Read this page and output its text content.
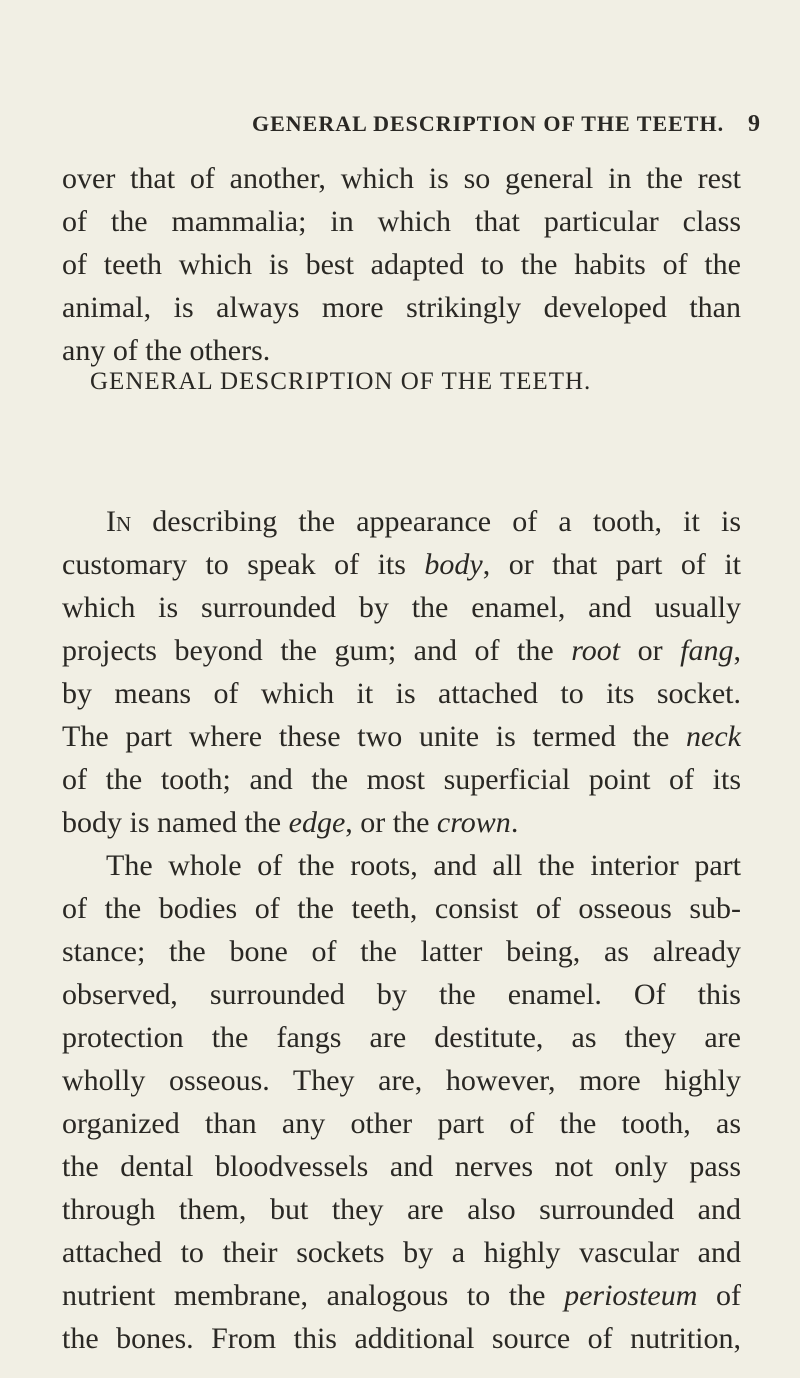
GENERAL DESCRIPTION OF THE TEETH. 9
over that of another, which is so general in the rest
of the mammalia; in which that particular class
of teeth which is best adapted to the habits of the
animal, is always more strikingly developed than
any of the others.
GENERAL DESCRIPTION OF THE TEETH.
In describing the appearance of a tooth, it is
customary to speak of its body, or that part of it
which is surrounded by the enamel, and usually
projects beyond the gum; and of the root or fang,
by means of which it is attached to its socket.
The part where these two unite is termed the neck
of the tooth; and the most superficial point of its
body is named the edge, or the crown.
The whole of the roots, and all the interior part
of the bodies of the teeth, consist of osseous sub-
stance; the bone of the latter being, as already
observed, surrounded by the enamel. Of this
protection the fangs are destitute, as they are
wholly osseous. They are, however, more highly
organized than any other part of the tooth, as
the dental bloodvessels and nerves not only pass
through them, but they are also surrounded and
attached to their sockets by a highly vascular and
nutrient membrane, analogous to the periosteum of
the bones. From this additional source of nutrition,
